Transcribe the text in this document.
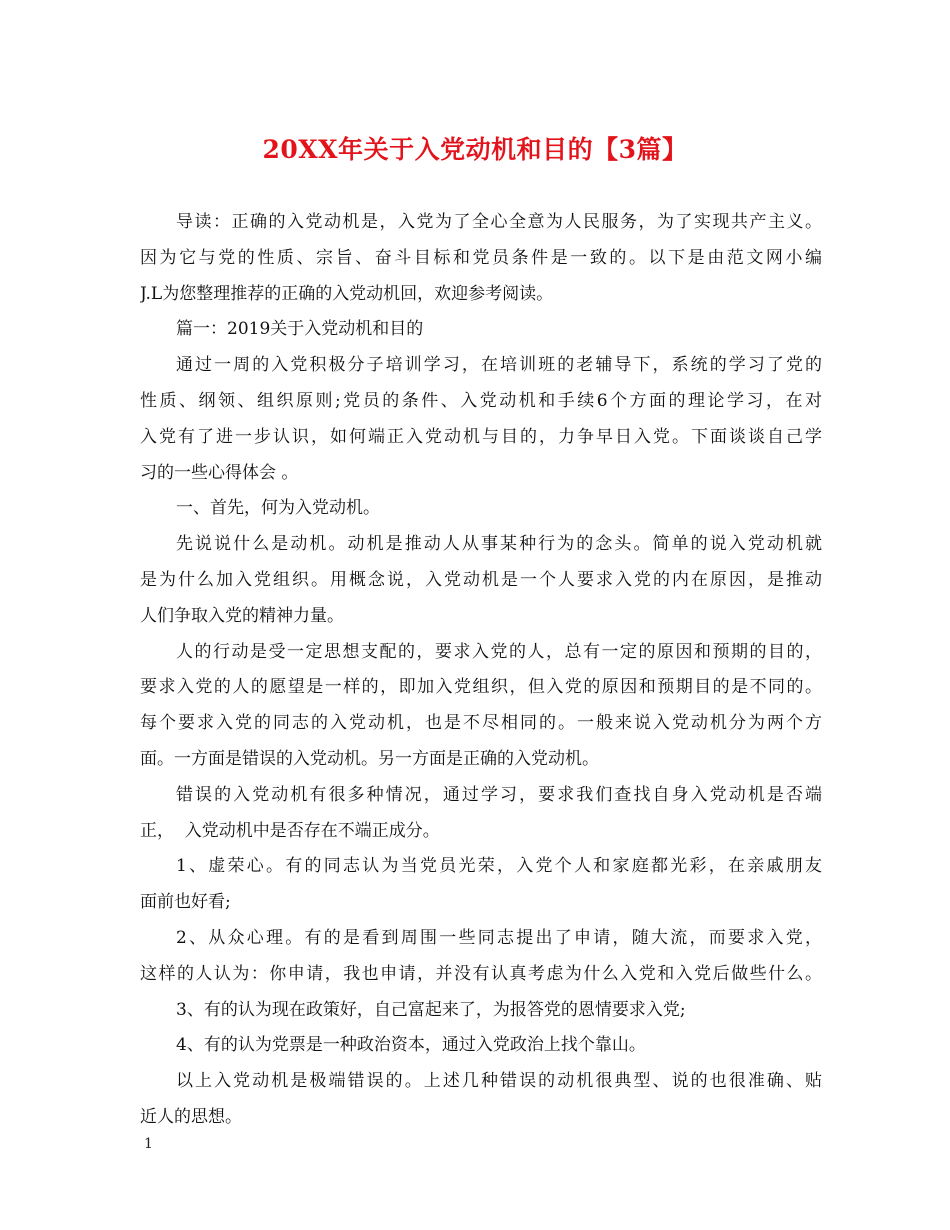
20XX年关于入党动机和目的【3篇】
导读：正确的入党动机是，入党为了全心全意为人民服务，为了实现共产主义。
因为它与党的性质、宗旨、奋斗目标和党员条件是一致的。以下是由范文网小编
J.L为您整理推荐的正确的入党动机回，欢迎参考阅读。
篇一：2019关于入党动机和目的
通过一周的入党积极分子培训学习，在培训班的老辅导下，系统的学习了党的
性质、纲领、组织原则;党员的条件、入党动机和手续6个方面的理论学习，在对
入党有了进一步认识，如何端正入党动机与目的，力争早日入党。下面谈谈自己学
习的一些心得体会 。
一、首先，何为入党动机。
先说说什么是动机。动机是推动人从事某种行为的念头。简单的说入党动机就
是为什么加入党组织。用概念说，入党动机是一个人要求入党的内在原因，是推动
人们争取入党的精神力量。
人的行动是受一定思想支配的，要求入党的人，总有一定的原因和预期的目的，
要求入党的人的愿望是一样的，即加入党组织，但入党的原因和预期目的是不同的。
每个要求入党的同志的入党动机，也是不尽相同的。一般来说入党动机分为两个方
面。一方面是错误的入党动机。另一方面是正确的入党动机。
错误的入党动机有很多种情况，通过学习，要求我们查找自身入党动机是否端
正，  入党动机中是否存在不端正成分。
1、虚荣心。有的同志认为当党员光荣，入党个人和家庭都光彩，在亲戚朋友
面前也好看;
2、从众心理。有的是看到周围一些同志提出了申请，随大流，而要求入党，
这样的人认为：你申请，我也申请，并没有认真考虑为什么入党和入党后做些什么。
3、有的认为现在政策好，自己富起来了，为报答党的恩情要求入党;
4、有的认为党票是一种政治资本，通过入党政治上找个靠山。
以上入党动机是极端错误的。上述几种错误的动机很典型、说的也很准确、贴
近人的思想。
1
